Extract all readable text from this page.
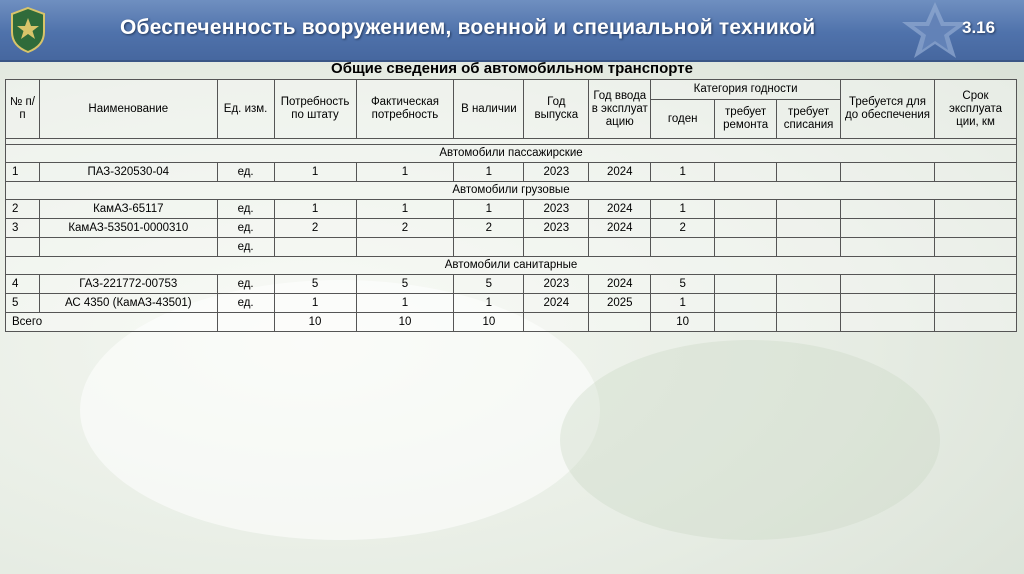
Обеспеченность вооружением, военной и специальной техникой	3.16
Общие сведения об автомобильном транспорте
№ п/п	Наименование	Ед. изм.	Потребность по штату	Фактическая потребность	В наличии	Год выпуска	Год ввода в эксплуат ацию	Категория годности			Требуется для до обеспечения	Срок эксплуата ции, км
								годен	требует ремонта	требует списания		

Автомобили пассажирские												
1	ПАЗ-320530-04	ед.	1	1	1	2023	2024	1				
Автомобили грузовые												
2	КамАЗ-65117	ед.	1	1	1	2023	2024	1				
3	КамАЗ-53501-0000310	ед.	2	2	2	2023	2024	2				
		ед.										
Автомобили санитарные												
4	ГАЗ-221772-00753	ед.	5	5	5	2023	2024	5				
5	АС 4350 (КамАЗ-43501)	ед.	1	1	1	2024	2025	1				
Всего			10	10	10			10				
